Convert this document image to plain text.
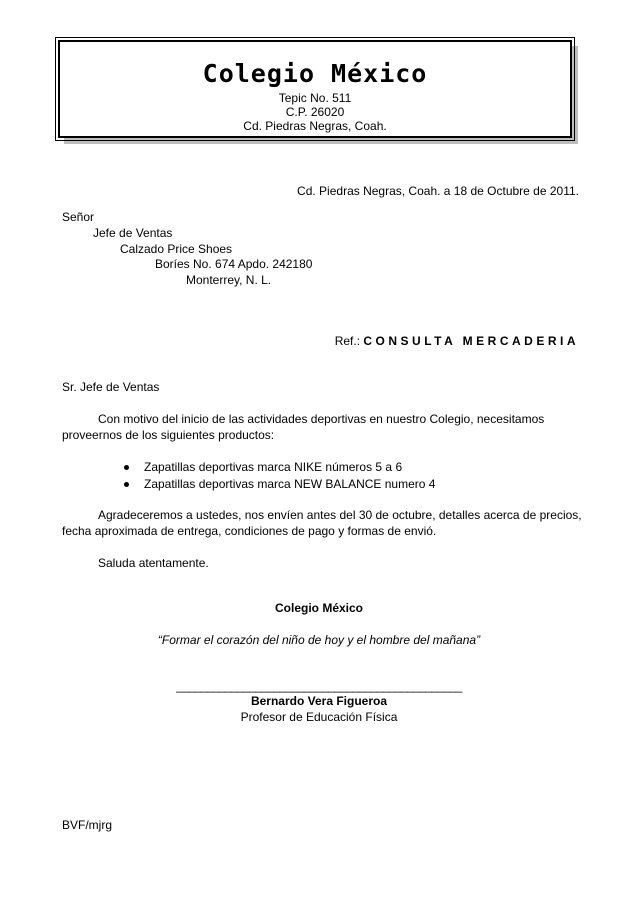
Colegio México
Tepic No. 511
C.P. 26020
Cd. Piedras Negras, Coah.
Cd. Piedras Negras, Coah. a 18 de Octubre de 2011.
Señor
Jefe de Ventas
Calzado Price Shoes
Boríes No. 674 Apdo. 242180
Monterrey, N. L.
Ref.: CONSULTA MERCADERIA
Sr. Jefe de Ventas
Con motivo del inicio de las actividades deportivas en nuestro Colegio, necesitamos
proveernos de los siguientes productos:
Zapatillas deportivas marca NIKE números 5 a 6
Zapatillas deportivas marca NEW BALANCE numero 4
Agradeceremos a ustedes, nos envíen antes del 30 de octubre, detalles acerca de precios,
fecha aproximada de entrega, condiciones de pago y formas de envió.
Saluda atentamente.
Colegio México
“Formar el corazón del niño de hoy y el hombre del mañana”
_______________________________________________
Bernardo Vera Figueroa
Profesor de Educación Física
BVF/mjrg
